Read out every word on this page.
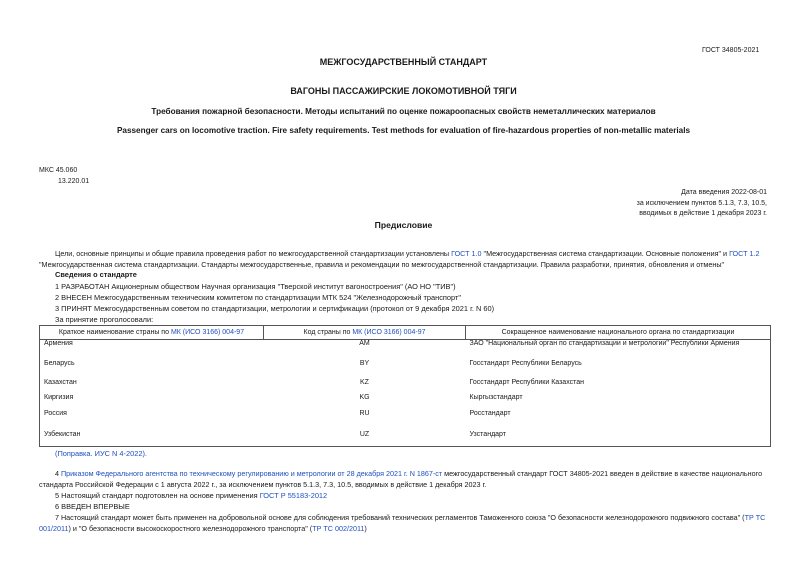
ГОСТ 34805-2021
МЕЖГОСУДАРСТВЕННЫЙ СТАНДАРТ
ВАГОНЫ ПАССАЖИРСКИЕ ЛОКОМОТИВНОЙ ТЯГИ
Требования пожарной безопасности. Методы испытаний по оценке пожароопасных свойств неметаллических материалов
Passenger cars on locomotive traction. Fire safety requirements. Test methods for evaluation of fire-hazardous properties of non-metallic materials
МКС 45.060
13.220.01
Дата введения 2022-08-01
за исключением пунктов 5.1.3, 7.3, 10.5,
вводимых в действие 1 декабря 2023 г.
Предисловие
Цели, основные принципы и общие правила проведения работ по межгосударственной стандартизации установлены ГОСТ 1.0 "Межгосударственная система стандартизации. Основные положения" и ГОСТ 1.2 "Межгосударственная система стандартизации. Стандарты межгосударственные, правила и рекомендации по межгосударственной стандартизации. Правила разработки, принятия, обновления и отмены"
Сведения о стандарте
1 РАЗРАБОТАН Акционерным обществом Научная организация "Тверской институт вагоностроения" (АО НО "ТИВ")
2 ВНЕСЕН Межгосударственным техническим комитетом по стандартизации МТК 524 "Железнодорожный транспорт"
3 ПРИНЯТ Межгосударственным советом по стандартизации, метрологии и сертификации (протокол от 9 декабря 2021 г. N 60)
За принятие проголосовали:
Краткое наименование страны по МК (ИСО 3166) 004-97	Код страны по МК (ИСО 3166) 004-97	Сокращенное наименование национального органа по стандартизации
Армения	AM	ЗАО "Национальный орган по стандартизации и метрологии" Республики Армения
Беларусь	BY	Госстандарт Республики Беларусь
Казахстан	KZ	Госстандарт Республики Казахстан
Киргизия	KG	Кыргызстандарт
Россия	RU	Росстандарт
Узбекистан	UZ	Узстандарт
(Поправка. ИУС N 4-2022).
4 Приказом Федерального агентства по техническому регулированию и метрологии от 28 декабря 2021 г. N 1867-ст межгосударственный стандарт ГОСТ 34805-2021 введен в действие в качестве национального стандарта Российской Федерации с 1 августа 2022 г., за исключением пунктов 5.1.3, 7.3, 10.5, вводимых в действие 1 декабря 2023 г.
5 Настоящий стандарт подготовлен на основе применения ГОСТ Р 55183-2012
6 ВВЕДЕН ВПЕРВЫЕ
7 Настоящий стандарт может быть применен на добровольной основе для соблюдения требований технических регламентов Таможенного союза "О безопасности железнодорожного подвижного состава" (ТР ТС 001/2011) и "О безопасности высокоскоростного железнодорожного транспорта" (ТР ТС 002/2011)
